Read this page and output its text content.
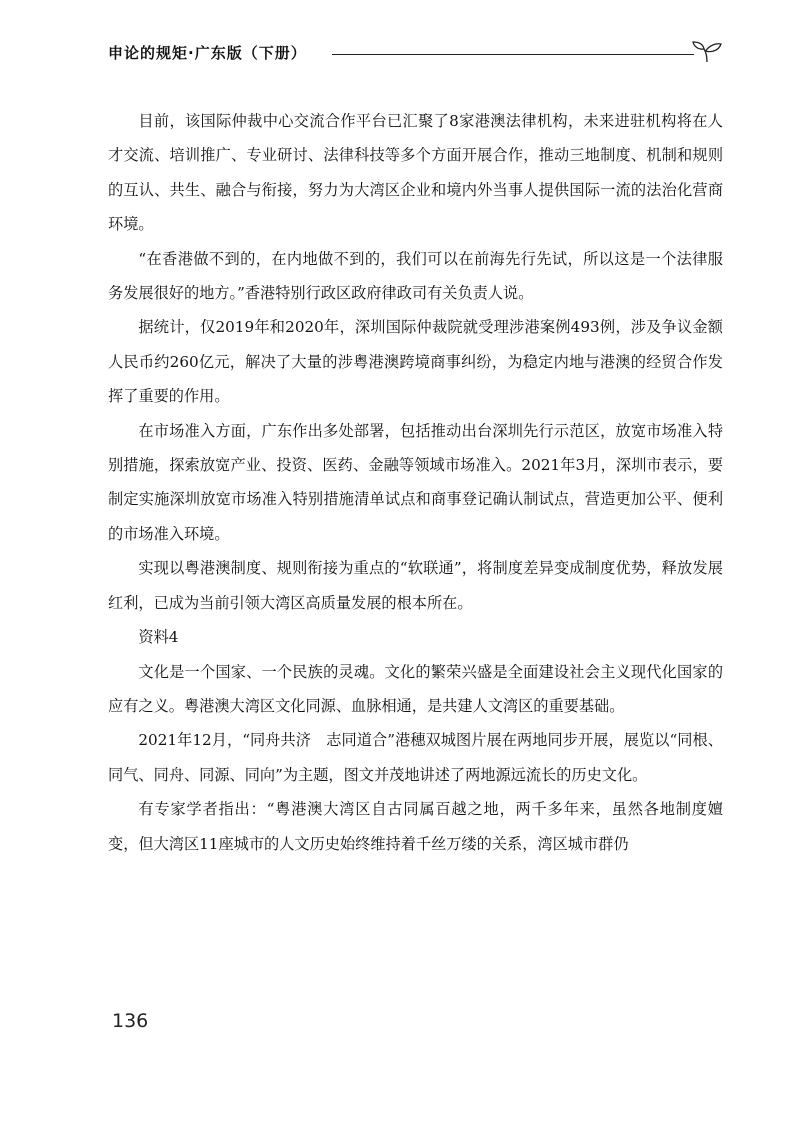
申论的规矩·广东版（下册）

目前，该国际仲裁中心交流合作平台已汇聚了8家港澳法律机构，未来进驻机构将在人才交流、培训推广、专业研讨、法律科技等多个方面开展合作，推动三地制度、机制和规则的互认、共生、融合与衔接，努力为大湾区企业和境内外当事人提供国际一流的法治化营商环境。

“在香港做不到的，在内地做不到的，我们可以在前海先行先试，所以这是一个法律服务发展很好的地方。”香港特别行政区政府律政司有关负责人说。

据统计，仅2019年和2020年，深圳国际仲裁院就受理涉港案例493例，涉及争议金额人民币约260亿元，解决了大量的涉粤港澳跨境商事纠纷，为稳定内地与港澳的经贸合作发挥了重要的作用。

在市场准入方面，广东作出多处部署，包括推动出台深圳先行示范区，放宽市场准入特别措施，探索放宽产业、投资、医药、金融等领域市场准入。2021年3月，深圳市表示，要制定实施深圳放宽市场准入特别措施清单试点和商事登记确认制试点，营造更加公平、便利的市场准入环境。

实现以粤港澳制度、规则衔接为重点的“软联通”，将制度差异变成制度优势，释放发展红利，已成为当前引领大湾区高质量发展的根本所在。

资料4

文化是一个国家、一个民族的灵魂。文化的繁荣兴盛是全面建设社会主义现代化国家的应有之义。粤港澳大湾区文化同源、血脉相通，是共建人文湾区的重要基础。

2021年12月，“同舟共济　志同道合”港穗双城图片展在两地同步开展，展览以“同根、同气、同舟、同源、同向”为主题，图文并茂地讲述了两地源远流长的历史文化。

有专家学者指出：“粤港澳大湾区自古同属百越之地，两千多年来，虽然各地制度嬗变，但大湾区11座城市的人文历史始终维持着千丝万缕的关系，湾区城市群仍

136
